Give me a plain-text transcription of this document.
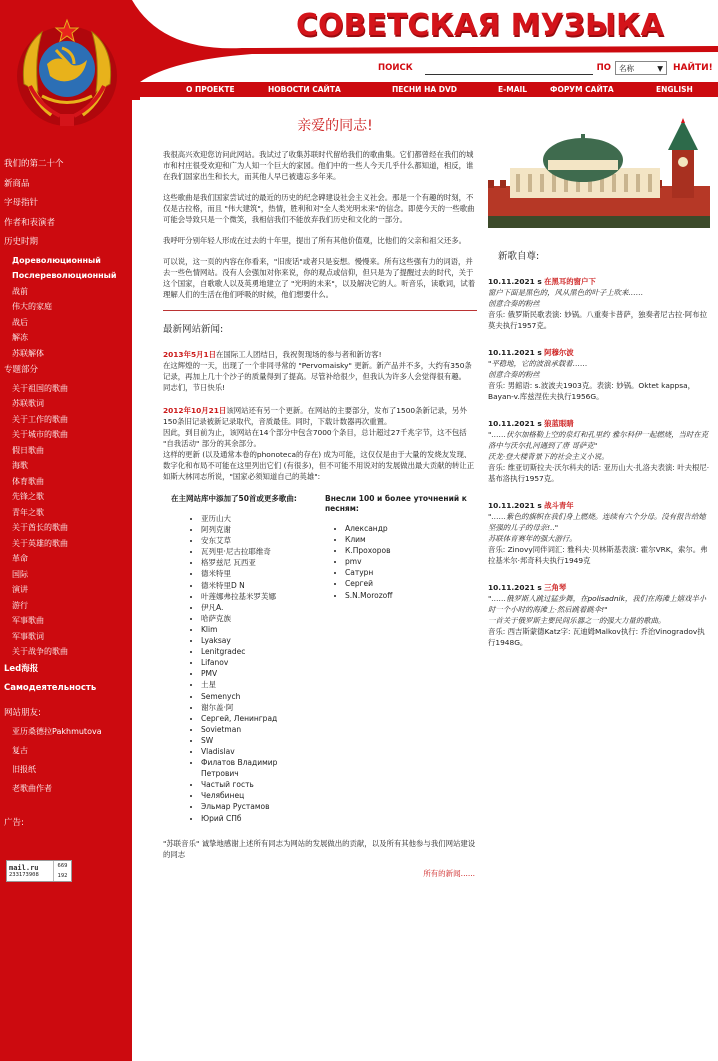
我们的第二十个
新商品
字母指针
作者和表演者
历史时期
Дореволюционный
Послереволюционный
战前
伟大的家庭
战后
解冻
苏联解体
专题部分
关于祖国的歌曲
苏联歌词
关于工作的歌曲
关于城市的歌曲
假日歌曲
海歌
体育歌曲
先锋之歌
青年之歌
关于酋长的歌曲
关于英雄的歌曲
革命
国际
演讲
游行
军事歌曲
军事歌词
关于战争的歌曲
Led海报
Самодеятельность
网站朋友:
亚历桑德拉Pakhmutova
复古
旧报纸
老歌曲作者
广告:
mail.ru
233173908
669
192
СОВЕТСКАЯ МУЗЫКА
ПОИСК	ПО 名称	▼ НАЙТИ!
О ПРОЕКТЕ	НОВОСТИ САЙТА	ПЕСНИ НА DVD	E-MAIL	ФОРУМ САЙТА	ENGLISH
亲爱的同志!

我很高兴欢迎您访问此网站。我试过了收集苏联时代留给我们的歌曲集。它们都曾经在我们的城市和村庄很受欢迎和广为人知一个巨大的家园。他们中的一些人今天几乎什么都知道，相反，谁在我们国家出生和长大，而其他人早已被遗忘多年来。

这些歌曲是我们国家尝试过的最近的历史的纪念碑建设社会主义社会。那是一个有趣的时刻，不仅是古拉格，而且 "伟大建筑"，热情，胜利和对"全人类光明未来"的信念。即使今天的一些歌曲可能会导致只是一个微笑，我相信我们不能放弃我们历史和文化的一部分。

我呼吁分别年轻人形成在过去的十年里，提出了所有其他价值观，比他们的父亲和祖父还多。

可以说，这一页的内容在你看来，"旧废话"或者只是妄想。慢慢来。所有这些强有力的词语，并去一些色情网站。没有人会强加对你来说，你的观点或信仰，但只是为了提醒过去的时代，关于这个国家，自歌歌人以及英勇地建立了 "光明的未来"，以及解决它的人。听音乐，读歌词，试着理解人们的生活在他们呼吸的时候，他们想要什么。

最新网站新闻:
2013年5月1日在国际工人团结日，我祝贺现场的参与者和新访客!
在这辉煌的一天，出现了一个非同寻常的 "Pervomaisky" 更新。新产品并不多，大约有350条记录，再加上几十个沙子的质量得到了提高。尽管补给很少，但我认为许多人会觉得很有趣。
同志们，节日快乐!
2012年10月21日该网站还有另一个更新。在网站的主要部分，发布了1500条新记录，另外150条旧记录被新记录取代，音质最佳。同时，下载计数器再次重置。
因此，到目前为止，该网站在14个部分中包含7000个条目，总计超过27千兆字节，这不包括 "自我活动" 部分的其余部分。
这样的更新 (以及通常本卷的phonoteca的存在) 成为可能，这仅仅是由于大量的发烧友发现、数字化和布局不可能在这里列出它们 (有很多)，但不可能不用说对的发展做出最大贡献的转让正如斯大林同志所说，"国家必须知道自己的英雄":
在主网站库中添加了50首或更多歌曲:
• 亚历山大
• 阿列克谢
• 安东艾草
• 瓦列里·尼古拉耶维奇
• 格罗兹尼 瓦西亚
• 德米特里
• 德米特里D N
• 叶莲娜弗拉基米罗芙娜
• 伊凡A.
• 哈萨克族
• Klim
• Lyaksay
• Lenitgradec
• Lifanov
• PMV
• 土星
• Semenych
• 谢尔盖·阿
• Сергей, Ленинград
• Sovietman
• SW
• Vladislav
• Филатов Владимир Петрович
• Частый гость
• Челябинец
• Эльмар Рустамов
• Юрий СПб
Внесли 100 и более уточнений к песням:
• Александр
• Клим
• К.Прохоров
• pmv
• Сатурн
• Сергей
• S.N.Morozoff
"苏联音乐" 诚挚地感谢上述所有同志为网站的发展做出的贡献，以及所有其他参与我们网站建设的同志
所有的新闻......
新歌自尊:
10.11.2021 s 在黑耳的窗户下
窗户下面是黑色的，风从黑色的叶子上吹来……
创意合奏的粉丝
音乐: 俄罗斯民歌表演: 妙锅。八重奏卡普萨，独奏者尼古拉·阿布拉莫夫执行1957克。
10.11.2021 s 阿穆尔波
"平稳地，它的波浪承载着……
创意合奏的粉丝
音乐: 男館语: s.波波夫1903克。表演: 妙锅。Oktet kappsa，Bayan-v.库兹涅佐夫执行1956G。
10.11.2021 s 狼蓝眼睛
"……伏尔加格勒上空的泉灯和孔里约 雅尔科伊一起燃烧，当时在克洛中与沃尔扎河遇到了唐 哥萨克"
沃龙·登大楼背景下的社会主义小说。
音乐: 维亚切斯拉夫·沃尔科夫的话: 亚历山大·扎洛夫表演: 叶夫根尼·基布洛执行1957克。
10.11.2021 s 战斗青年
"……紫色的旗帜在我们身上燃烧。连续有六个分母。没有报告给她坚强的儿子的母亲!.."
苏联体育赛年的强大游行。
音乐: Zinovy同伴词汇: 雅科夫·贝林斯基表演: 霍尔VRK，索尔。弗拉基米尔·邦奇科夫执行1949克
10.11.2021 s 三角琴
"……俄罗斯人跳过猛步舞，在polisadnik，我们在海滩上嬉戏半小时一个小时的海滩上·然后跳着跳伞!"
一首关于俄罗斯主要民间乐器之一的强大力量的歌曲。
音乐: 西吉斯蒙德Katz字: 瓦迪姆Malkov执行: 乔治Vinogradov执行1948G。
